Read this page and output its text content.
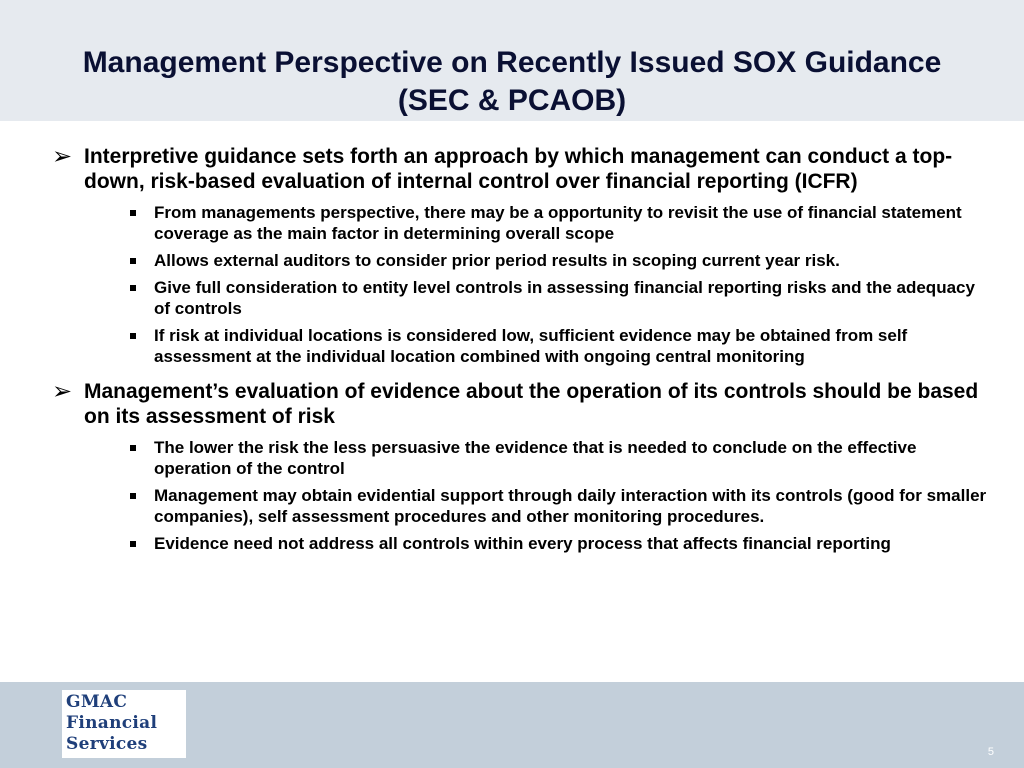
Management Perspective on Recently Issued SOX Guidance
(SEC & PCAOB)
➢ Interpretive guidance sets forth an approach by which management can conduct a top-down, risk-based evaluation of internal control over financial reporting (ICFR)
From managements perspective, there may be a opportunity to revisit the use of financial statement coverage as the main factor in determining overall scope
Allows external auditors to consider prior period results in scoping current year risk.
Give full consideration to entity level controls in assessing financial reporting risks and the adequacy of controls
If risk at individual locations is considered low, sufficient evidence may be obtained from self assessment at the individual location combined with ongoing central monitoring
➢ Management’s evaluation of evidence about the operation of its controls should be based on its assessment of risk
The lower the risk the less persuasive the evidence that is needed to conclude on the effective operation of the control
Management may obtain evidential support through daily interaction with its controls (good for smaller companies), self assessment procedures and other monitoring procedures.
Evidence need not address all controls within every process that affects financial reporting
GMAC
Financial
Services	5
